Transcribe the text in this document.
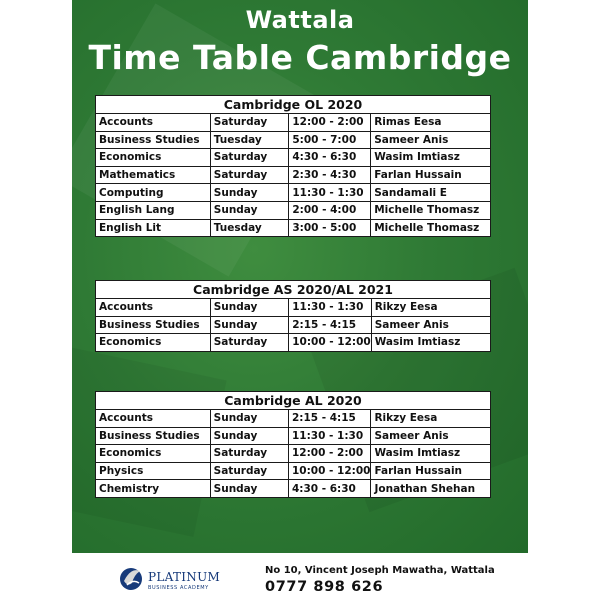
Wattala
Time Table Cambridge
Cambridge OL 2020			
Accounts	Saturday	12:00 - 2:00	Rimas Eesa
Business Studies	Tuesday	5:00 - 7:00	Sameer Anis
Economics	Saturday	4:30 - 6:30	Wasim Imtiasz
Mathematics	Saturday	2:30 - 4:30	Farlan Hussain
Computing	Sunday	11:30 - 1:30	Sandamali E
English Lang	Sunday	2:00 - 4:00	Michelle Thomasz
English Lit	Tuesday	3:00 - 5:00	Michelle Thomasz
Cambridge AS 2020/AL 2021			
Accounts	Sunday	11:30 - 1:30	Rikzy Eesa
Business Studies	Sunday	2:15 - 4:15	Sameer Anis
Economics	Saturday	10:00 - 12:00	Wasim Imtiasz
Cambridge AL 2020			
Accounts	Sunday	2:15 - 4:15	Rikzy Eesa
Business Studies	Sunday	11:30 - 1:30	Sameer Anis
Economics	Saturday	12:00 - 2:00	Wasim Imtiasz
Physics	Saturday	10:00 - 12:00	Farlan Hussain
Chemistry	Sunday	4:30 - 6:30	Jonathan Shehan
PLATINUM
BUSINESS ACADEMY
No 10, Vincent Joseph Mawatha, Wattala
0777 898 626
